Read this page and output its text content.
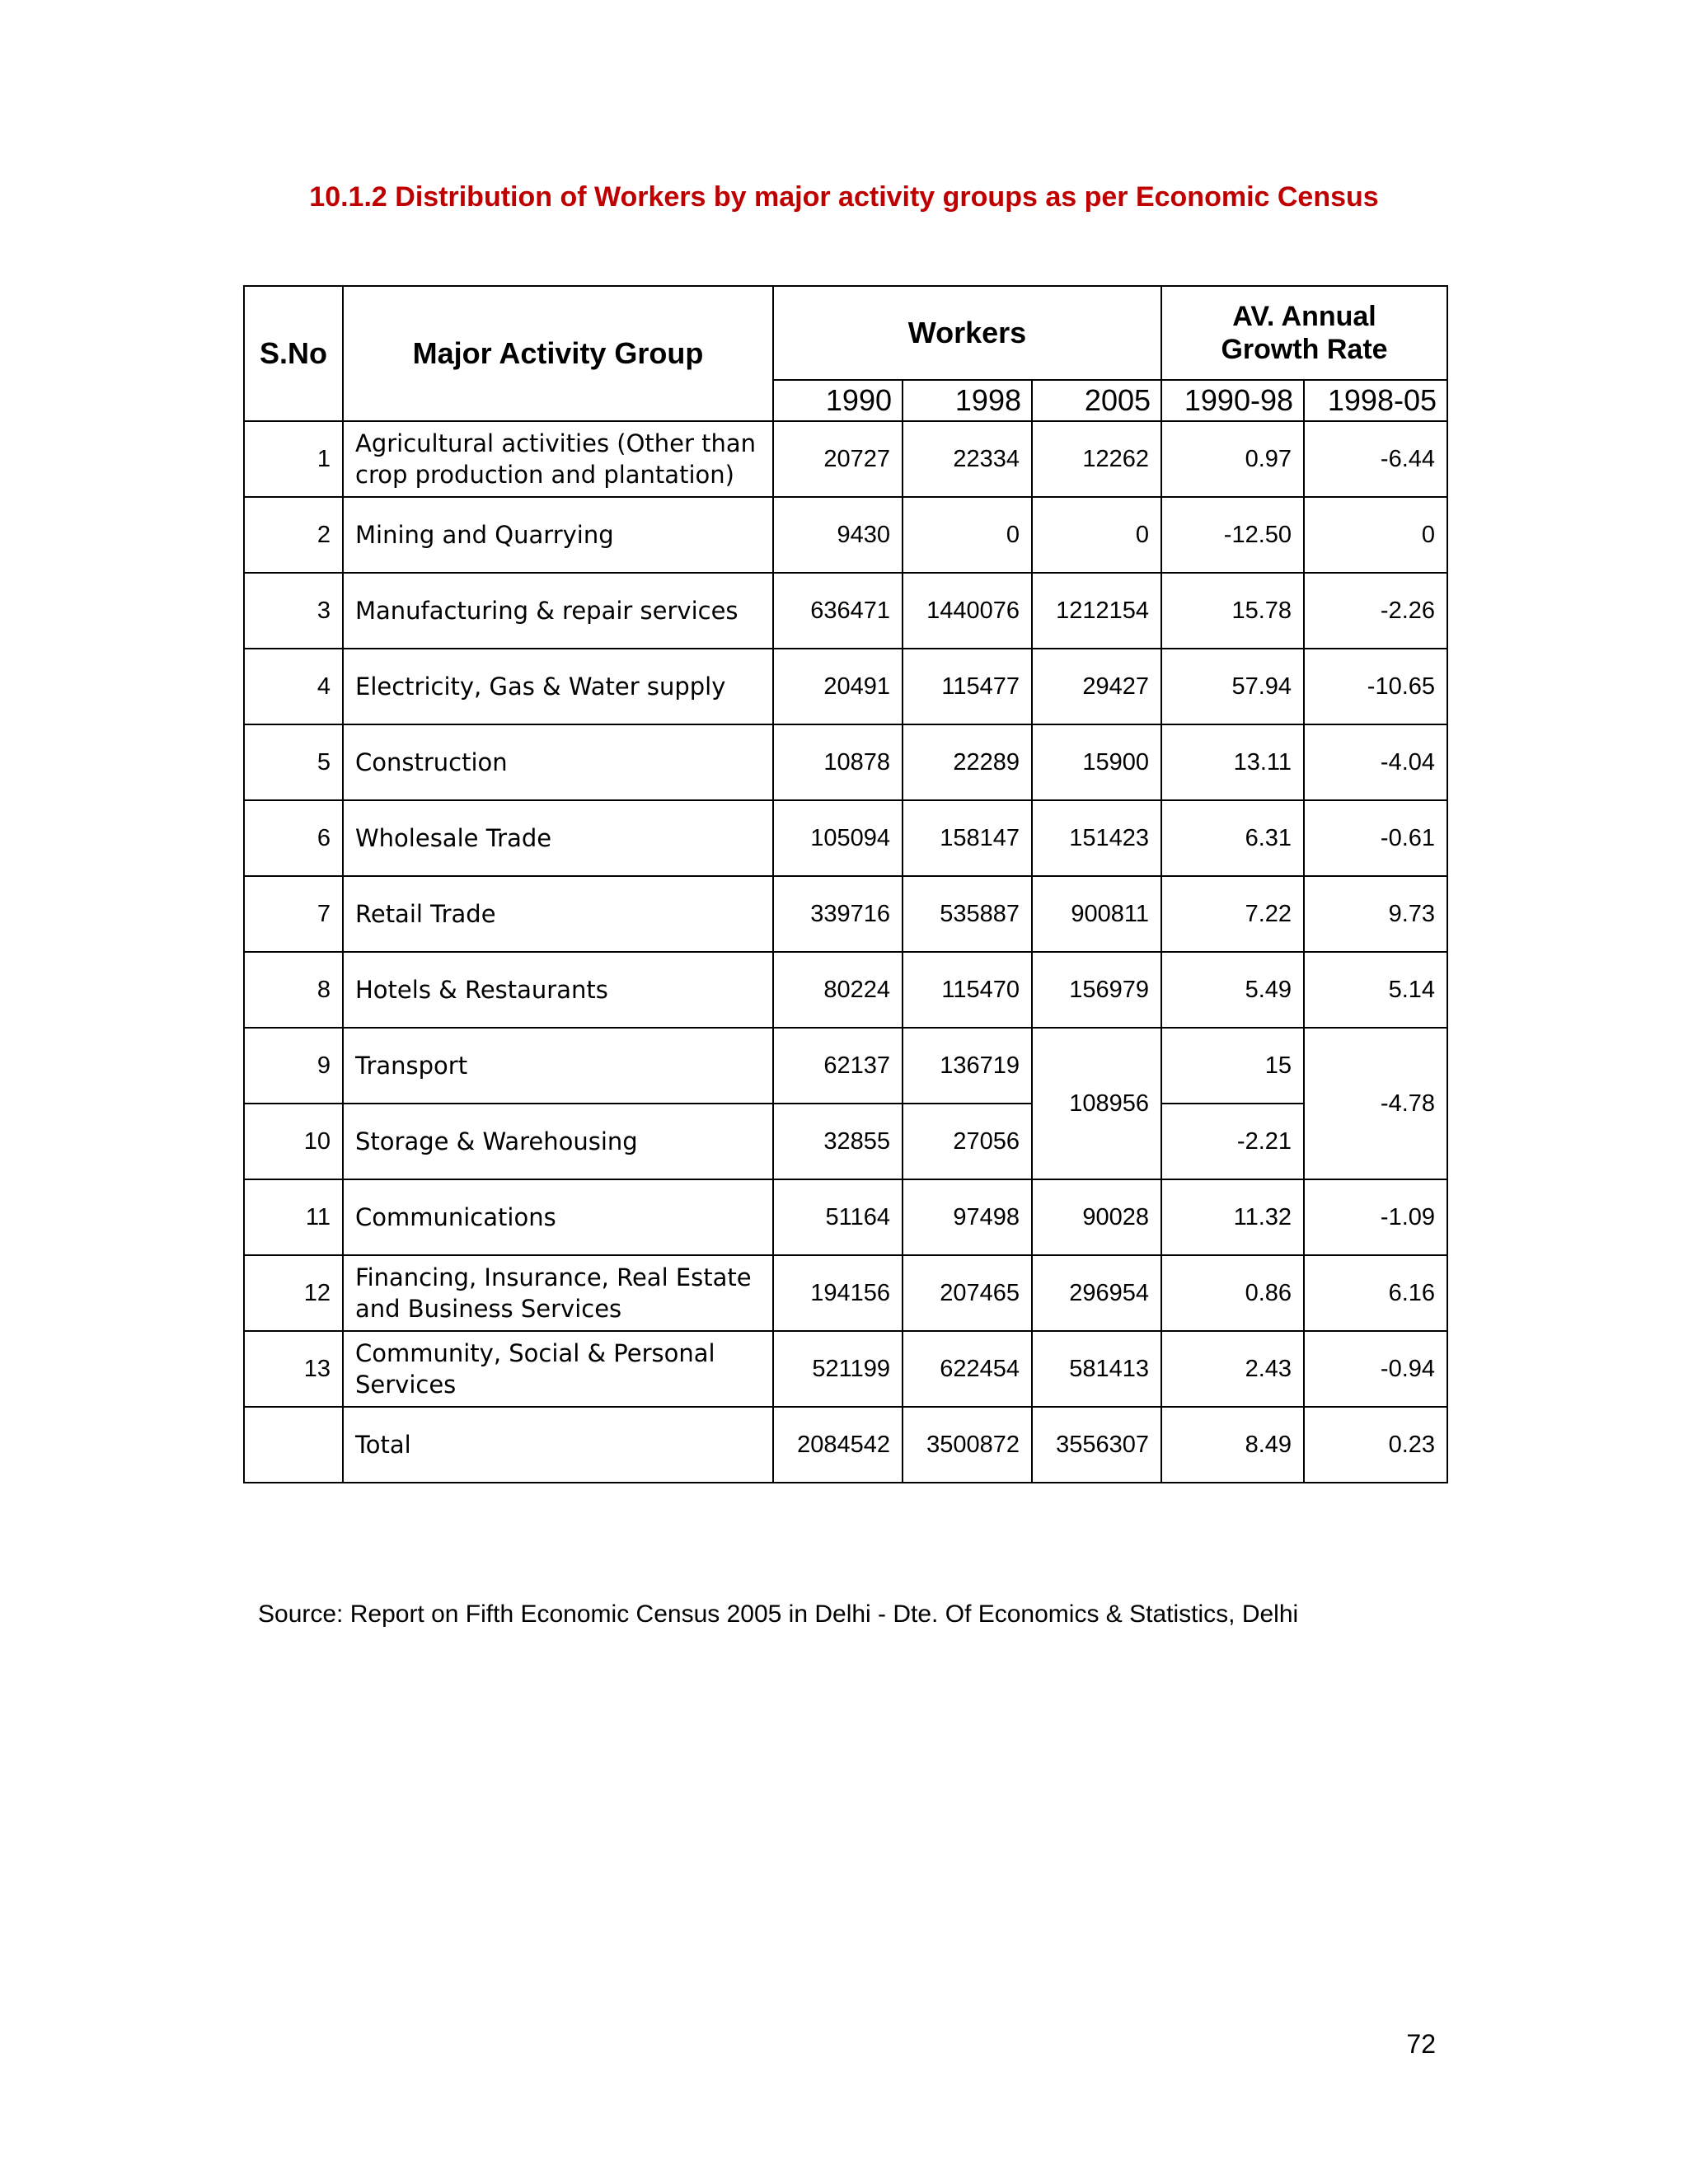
10.1.2 Distribution of Workers by major activity groups as per Economic Census
S.No	Major Activity Group	Workers			AV. Annual
Growth Rate	
		1990	1998	2005	1990-98	1998-05
1	Agricultural activities (Other than crop production and plantation)	20727	22334	12262	0.97	-6.44
2	Mining and Quarrying	9430	0	0	-12.50	0
3	Manufacturing & repair services	636471	1440076	1212154	15.78	-2.26
4	Electricity, Gas & Water supply	20491	115477	29427	57.94	-10.65
5	Construction	10878	22289	15900	13.11	-4.04
6	Wholesale Trade	105094	158147	151423	6.31	-0.61
7	Retail Trade	339716	535887	900811	7.22	9.73
8	Hotels & Restaurants	80224	115470	156979	5.49	5.14
9	Transport	62137	136719	108956	15	-4.78
10	Storage & Warehousing	32855	27056		-2.21	
11	Communications	51164	97498	90028	11.32	-1.09
12	Financing, Insurance, Real Estate and Business Services	194156	207465	296954	0.86	6.16
13	Community, Social & Personal Services	521199	622454	581413	2.43	-0.94
	Total	2084542	3500872	3556307	8.49	0.23
Source: Report on Fifth Economic Census 2005 in Delhi - Dte. Of Economics & Statistics, Delhi
72
